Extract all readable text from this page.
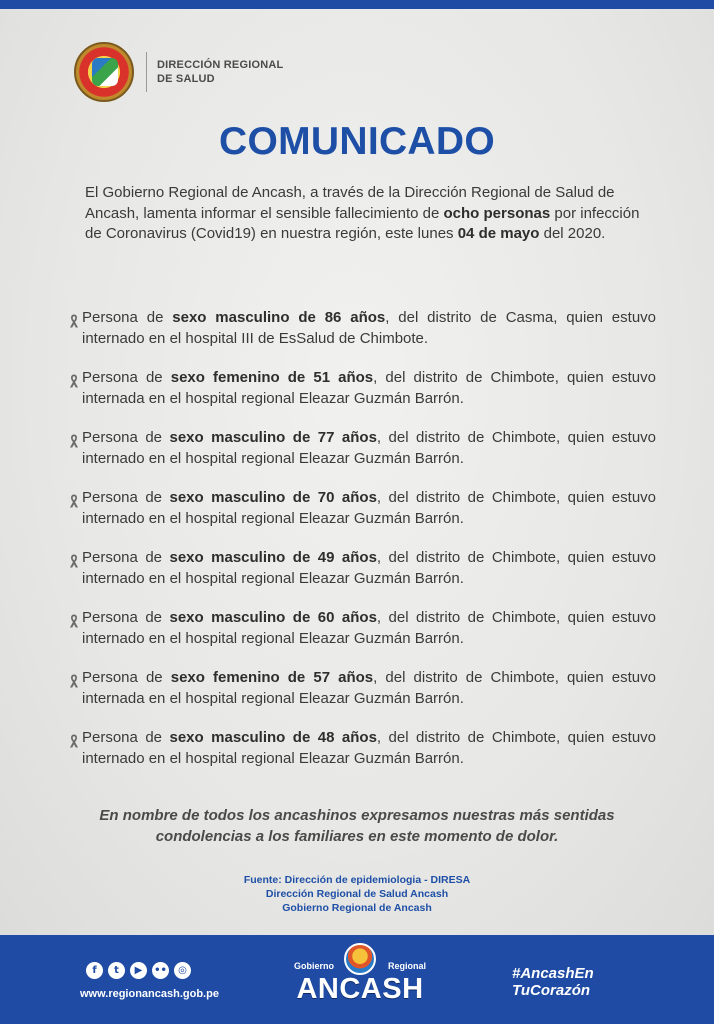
DIRECCIÓN REGIONAL
DE SALUD
COMUNICADO

El Gobierno Regional de Ancash, a través de la Dirección Regional de Salud de Ancash, lamenta informar el sensible fallecimiento de ocho personas por infección de Coronavirus (Covid19) en nuestra región, este lunes 04 de mayo del 2020.

Persona de sexo masculino de 86 años, del distrito de Casma, quien estuvo internado en el hospital III de EsSalud de Chimbote.

Persona de sexo femenino de 51 años, del distrito de Chimbote, quien estuvo internada en el hospital regional Eleazar Guzmán Barrón.

Persona de sexo masculino de 77 años, del distrito de Chimbote, quien estuvo internado en el hospital regional Eleazar Guzmán Barrón.

Persona de sexo masculino de 70 años, del distrito de Chimbote, quien estuvo internado en el hospital regional Eleazar Guzmán Barrón.

Persona de sexo masculino de 49 años, del distrito de Chimbote, quien estuvo internado en el hospital regional Eleazar Guzmán Barrón.

Persona de sexo masculino de 60 años, del distrito de Chimbote, quien estuvo internado en el hospital regional Eleazar Guzmán Barrón.

Persona de sexo femenino de 57 años, del distrito de Chimbote, quien estuvo internada en el hospital regional Eleazar Guzmán Barrón.

Persona de sexo masculino de 48 años, del distrito de Chimbote, quien estuvo internado en el hospital regional Eleazar Guzmán Barrón.

En nombre de todos los ancashinos expresamos nuestras más sentidas
condolencias a los familiares en este momento de dolor.
Fuente: Dirección de epidemiologia - DIRESA
Dirección Regional de Salud Ancash
Gobierno Regional de Ancash
f	t	▶	••	◎
www.regionancash.gob.pe
Gobierno	Regional
ANCASH	#AncashEn
TuCorazón
